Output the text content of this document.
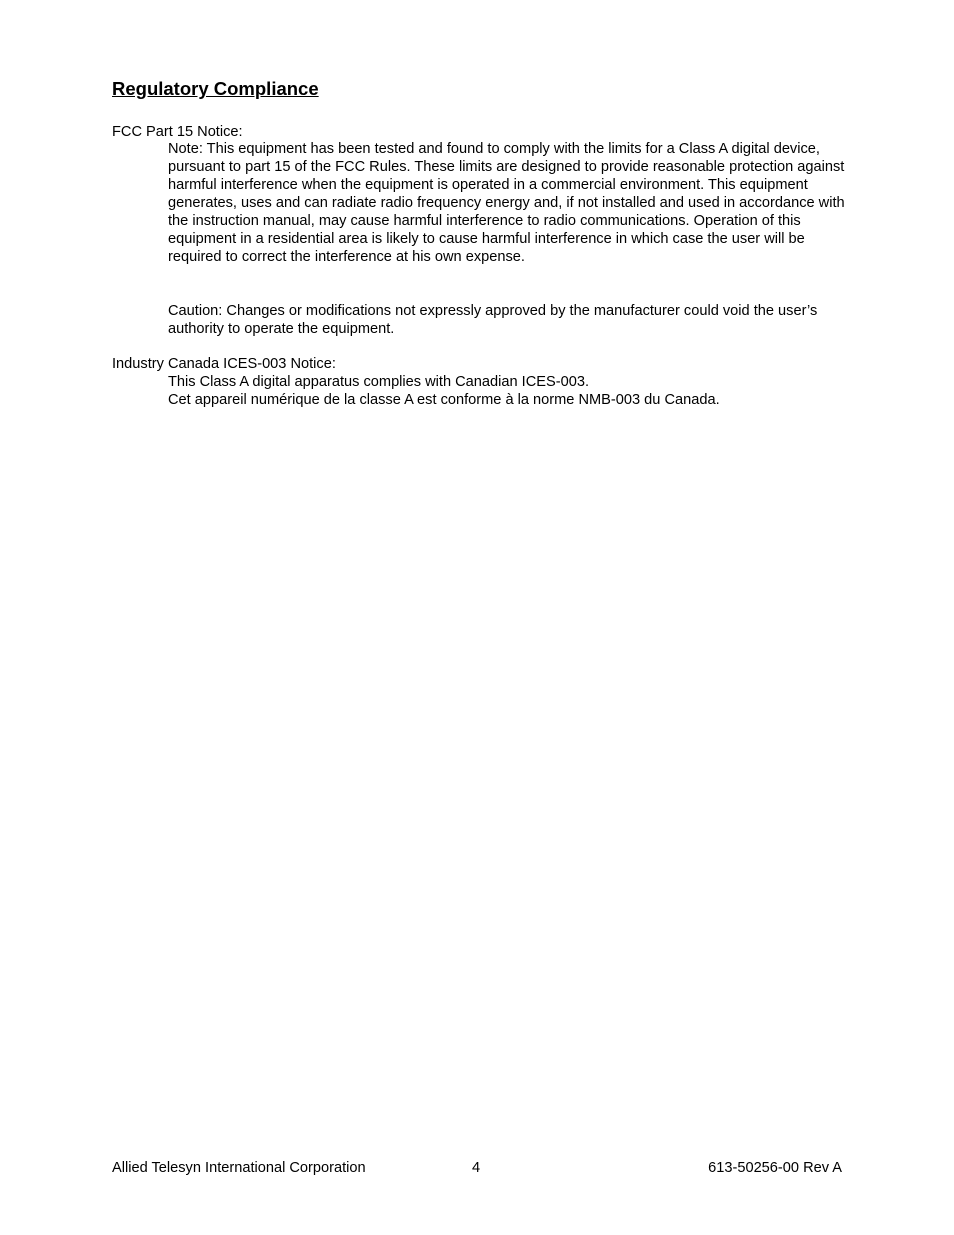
Regulatory Compliance

FCC Part 15 Notice:

Note: This equipment has been tested and found to comply with the limits for a Class A digital device, pursuant to part 15 of the FCC Rules. These limits are designed to provide reasonable protection against harmful interference when the equipment is operated in a commercial environment. This equipment generates, uses and can radiate radio frequency energy and, if not installed and used in accordance with the instruction manual, may cause harmful interference to radio communications. Operation of this equipment in a residential area is likely to cause harmful interference in which case the user will be required to correct the interference at his own expense.

Caution: Changes or modifications not expressly approved by the manufacturer could void the user’s authority to operate the equipment.

Industry Canada ICES-003 Notice:

This Class A digital apparatus complies with Canadian ICES-003.

Cet appareil numérique de la classe A est conforme à la norme NMB-003 du Canada.

Allied Telesyn International Corporation	4	613-50256-00 Rev A
